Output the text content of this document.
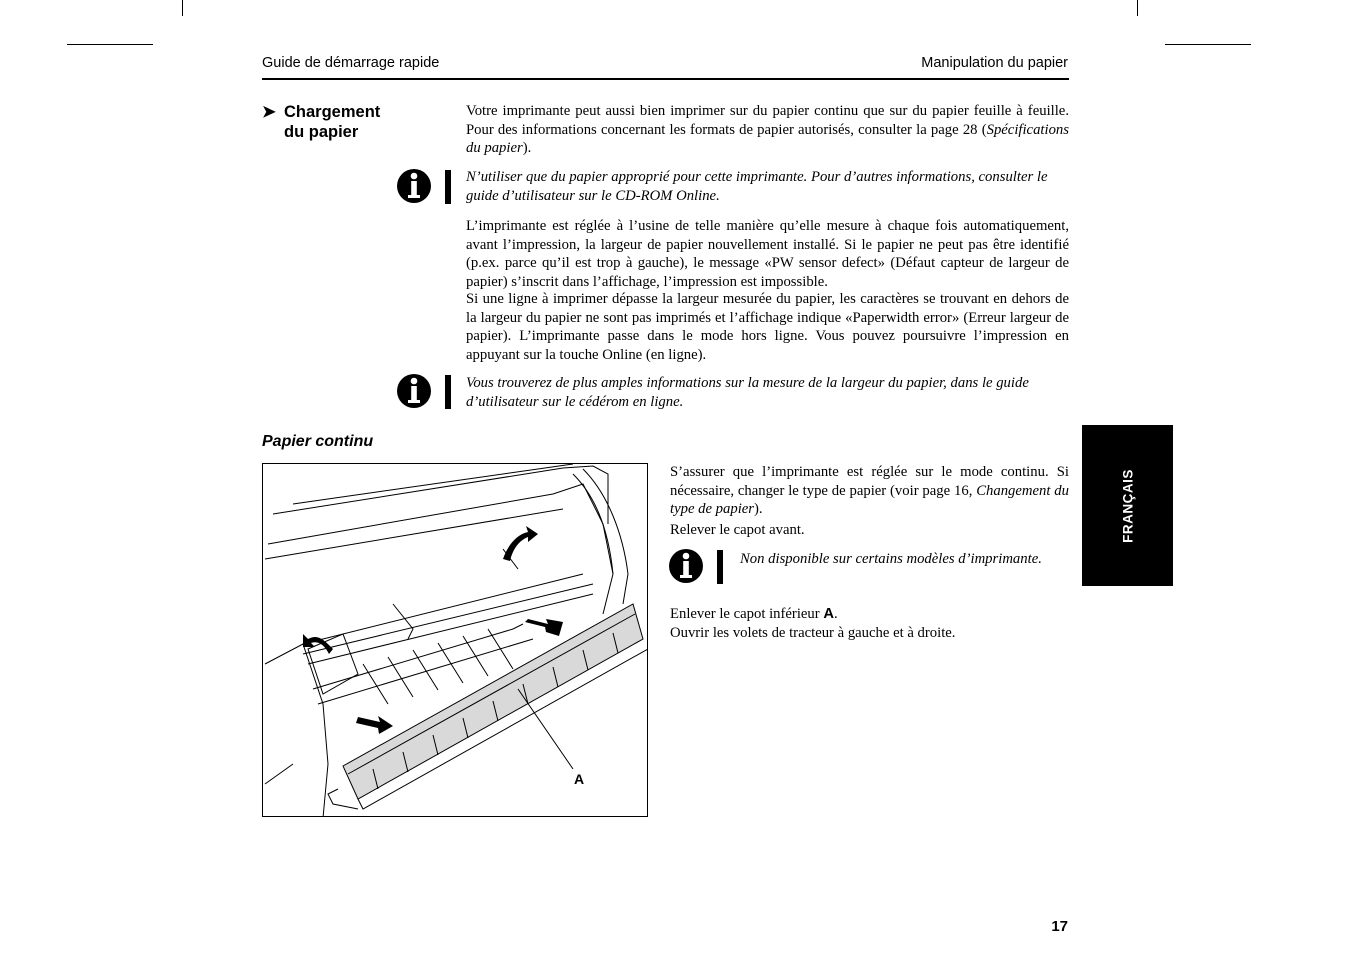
Guide de démarrage rapide	Manipulation du papier
➤ Chargement
du papier
Votre imprimante peut aussi bien imprimer sur du papier continu que sur du papier feuille à feuille. Pour des informations concernant les formats de papier autorisés, consulter la page 28 (Spécifications du papier).
N’utiliser que du papier approprié pour cette imprimante. Pour d’autres informations, consulter le guide d’utilisateur sur le CD-ROM Online.
L’imprimante est réglée à l’usine de telle manière qu’elle mesure à chaque fois automatiquement, avant l’impression, la largeur de papier nouvellement installé. Si le papier ne peut pas être identifié (p.ex. parce qu’il est trop à gauche), le message «PW sensor defect» (Défaut capteur de largeur de papier) s’inscrit dans l’affichage, l’impression est impossible.
Si une ligne à imprimer dépasse la largeur mesurée du papier, les caractères se trouvant en dehors de la largeur du papier ne sont pas imprimés et l’affichage indique «Paperwidth error» (Erreur largeur de papier). L’imprimante passe dans le mode hors ligne. Vous pouvez poursuivre l’impression en appuyant sur la touche Online (en ligne).
Vous trouverez de plus amples informations sur la mesure de la largeur du papier, dans le guide d’utilisateur sur le cédérom en ligne.
Papier continu
A
S’assurer que l’imprimante est réglée sur le mode continu. Si nécessaire, changer le type de papier (voir page 16, Changement du type de papier).
Relever le capot avant.
Non disponible sur certains modèles d’imprimante.
Enlever le capot inférieur A.
Ouvrir les volets de tracteur à gauche et à droite.
FRANÇAIS
17
